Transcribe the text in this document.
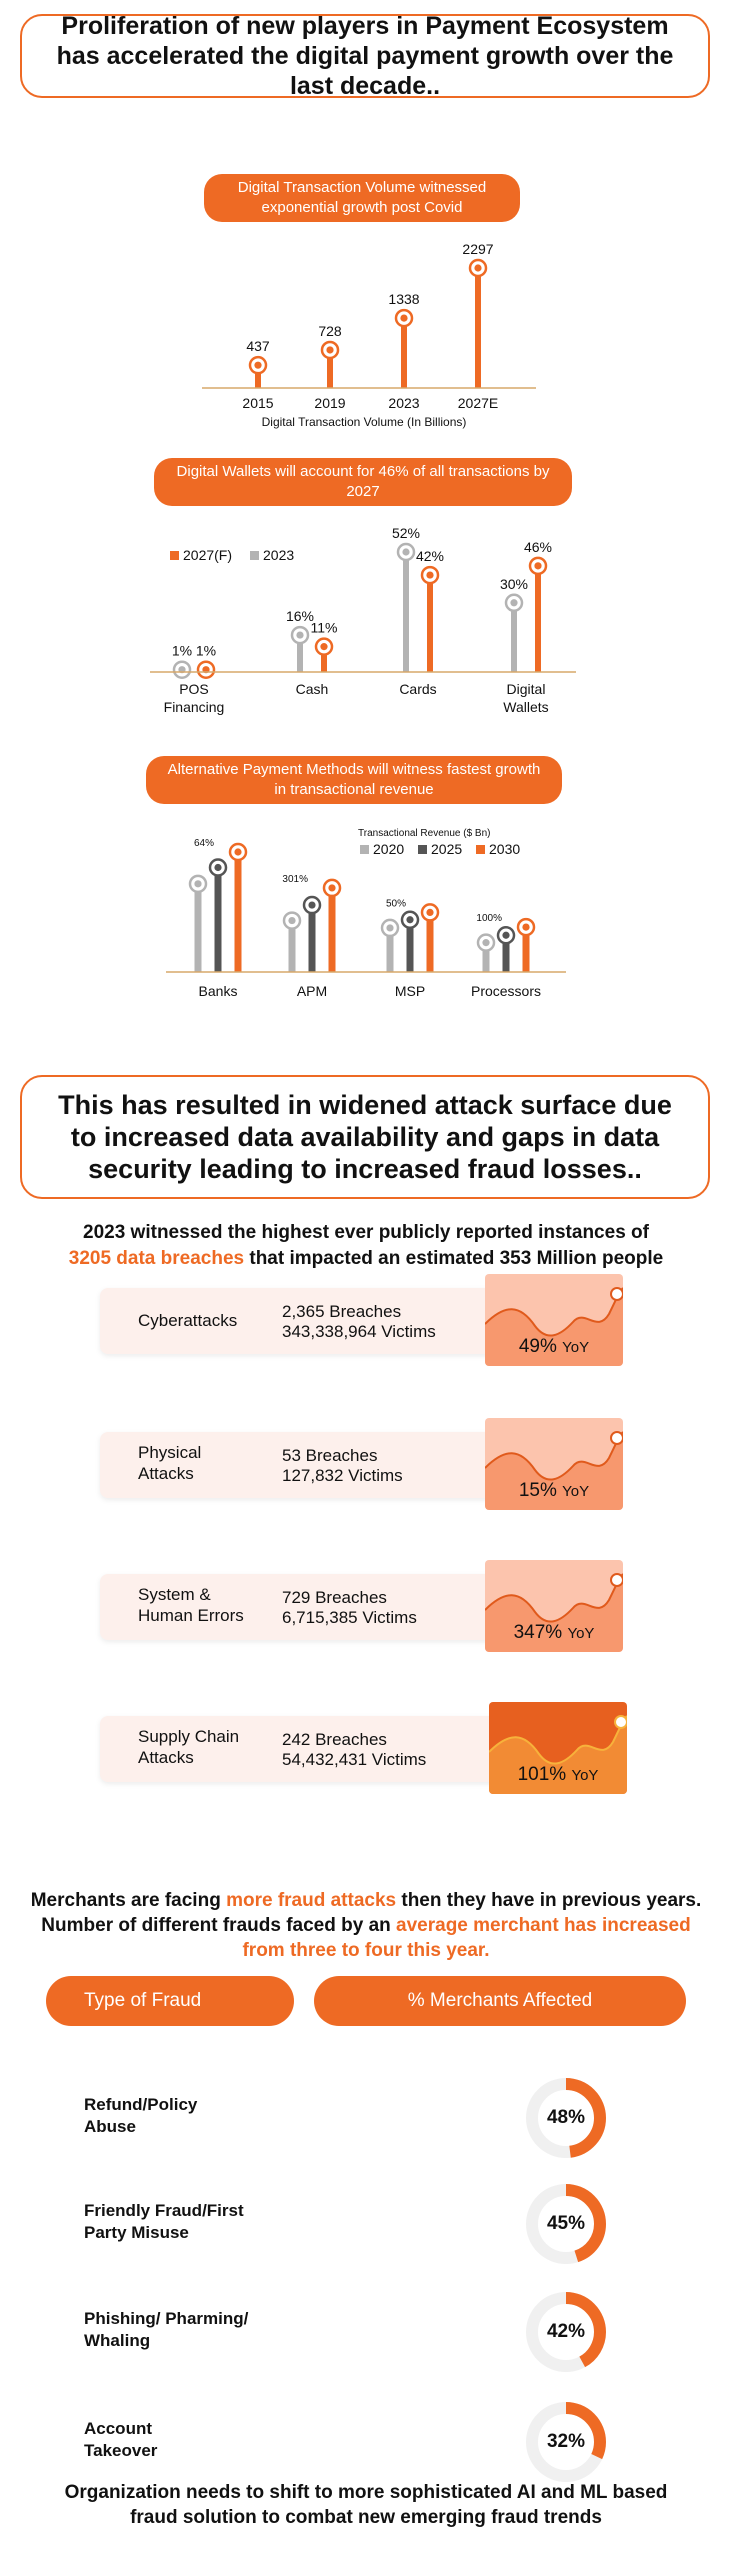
Proliferation of new players in Payment Ecosystem has accelerated the digital payment growth over the last decade..
Digital Transaction Volume witnessed exponential growth post Covid
437
2015
728
2019
1338
2023
2297
2027E
Digital Transaction Volume (In Billions)
Digital Wallets will account for 46% of all transactions by 2027
2027(F) 2023
1%
16%
52%
30%
1%
11%
42%
46%
POS
Financing
Cash	Cards	Digital
Wallets
Alternative Payment Methods will witness fastest growth in transactional revenue
Transactional Revenue ($ Bn)
2020 2025 2030
64%
301%
50%
100%
Banks	APM	MSP	Processors
This has resulted in widened attack surface due to increased data availability and gaps in data security leading to increased fraud losses..
2023 witnessed the highest ever publicly reported instances of
3205 data breaches that impacted an estimated 353 Million people
Cyberattacks	2,365 Breaches
343,338,964 Victims
49% YoY
Physical
Attacks
53 Breaches
127,832 Victims
15% YoY
System &
Human Errors
729 Breaches
6,715,385 Victims
347% YoY
Supply Chain
Attacks
242 Breaches
54,432,431 Victims
101% YoY
Merchants are facing more fraud attacks then they have in previous years. Number of different frauds faced by an average merchant has increased from three to four this year.
Type of Fraud	% Merchants Affected
Refund/Policy
Abuse	48%
Friendly Fraud/First
Party Misuse	45%
Phishing/ Pharming/
Whaling	42%
Account
Takeover	32%
Organization needs to shift to more sophisticated AI and ML based
fraud solution to combat new emerging fraud trends
